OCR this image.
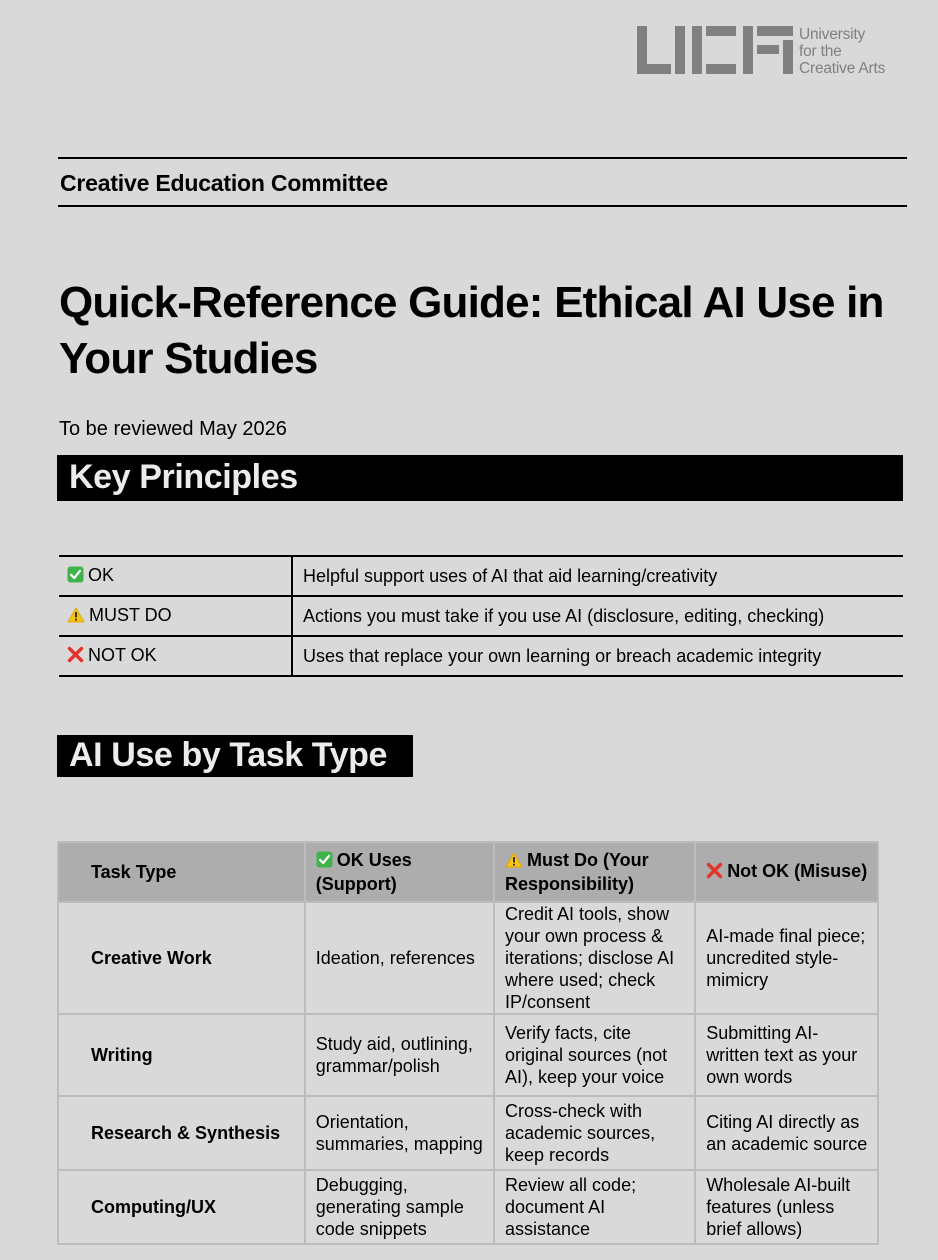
University
for the
Creative Arts
Creative Education Committee
Quick-Reference Guide: Ethical AI Use in Your Studies
To be reviewed May 2026
Key Principles
OK	Helpful support uses of AI that aid learning/creativity
MUST DO	Actions you must take if you use AI (disclosure, editing, checking)
NOT OK	Uses that replace your own learning or breach academic integrity
AI Use by Task Type
Task Type	OK Uses (Support)	Must Do (Your Responsibility)	Not OK (Misuse)
Creative Work	Ideation, references	Credit AI tools, show your own process & iterations; disclose AI where used; check IP/consent	AI-made final piece; uncredited style-mimicry
Writing	Study aid, outlining, grammar/polish	Verify facts, cite original sources (not AI), keep your voice	Submitting AI-written text as your own words
Research & Synthesis	Orientation, summaries, mapping	Cross-check with academic sources, keep records	Citing AI directly as an academic source
Computing/UX	Debugging, generating sample code snippets	Review all code; document AI assistance	Wholesale AI-built features (unless brief allows)
